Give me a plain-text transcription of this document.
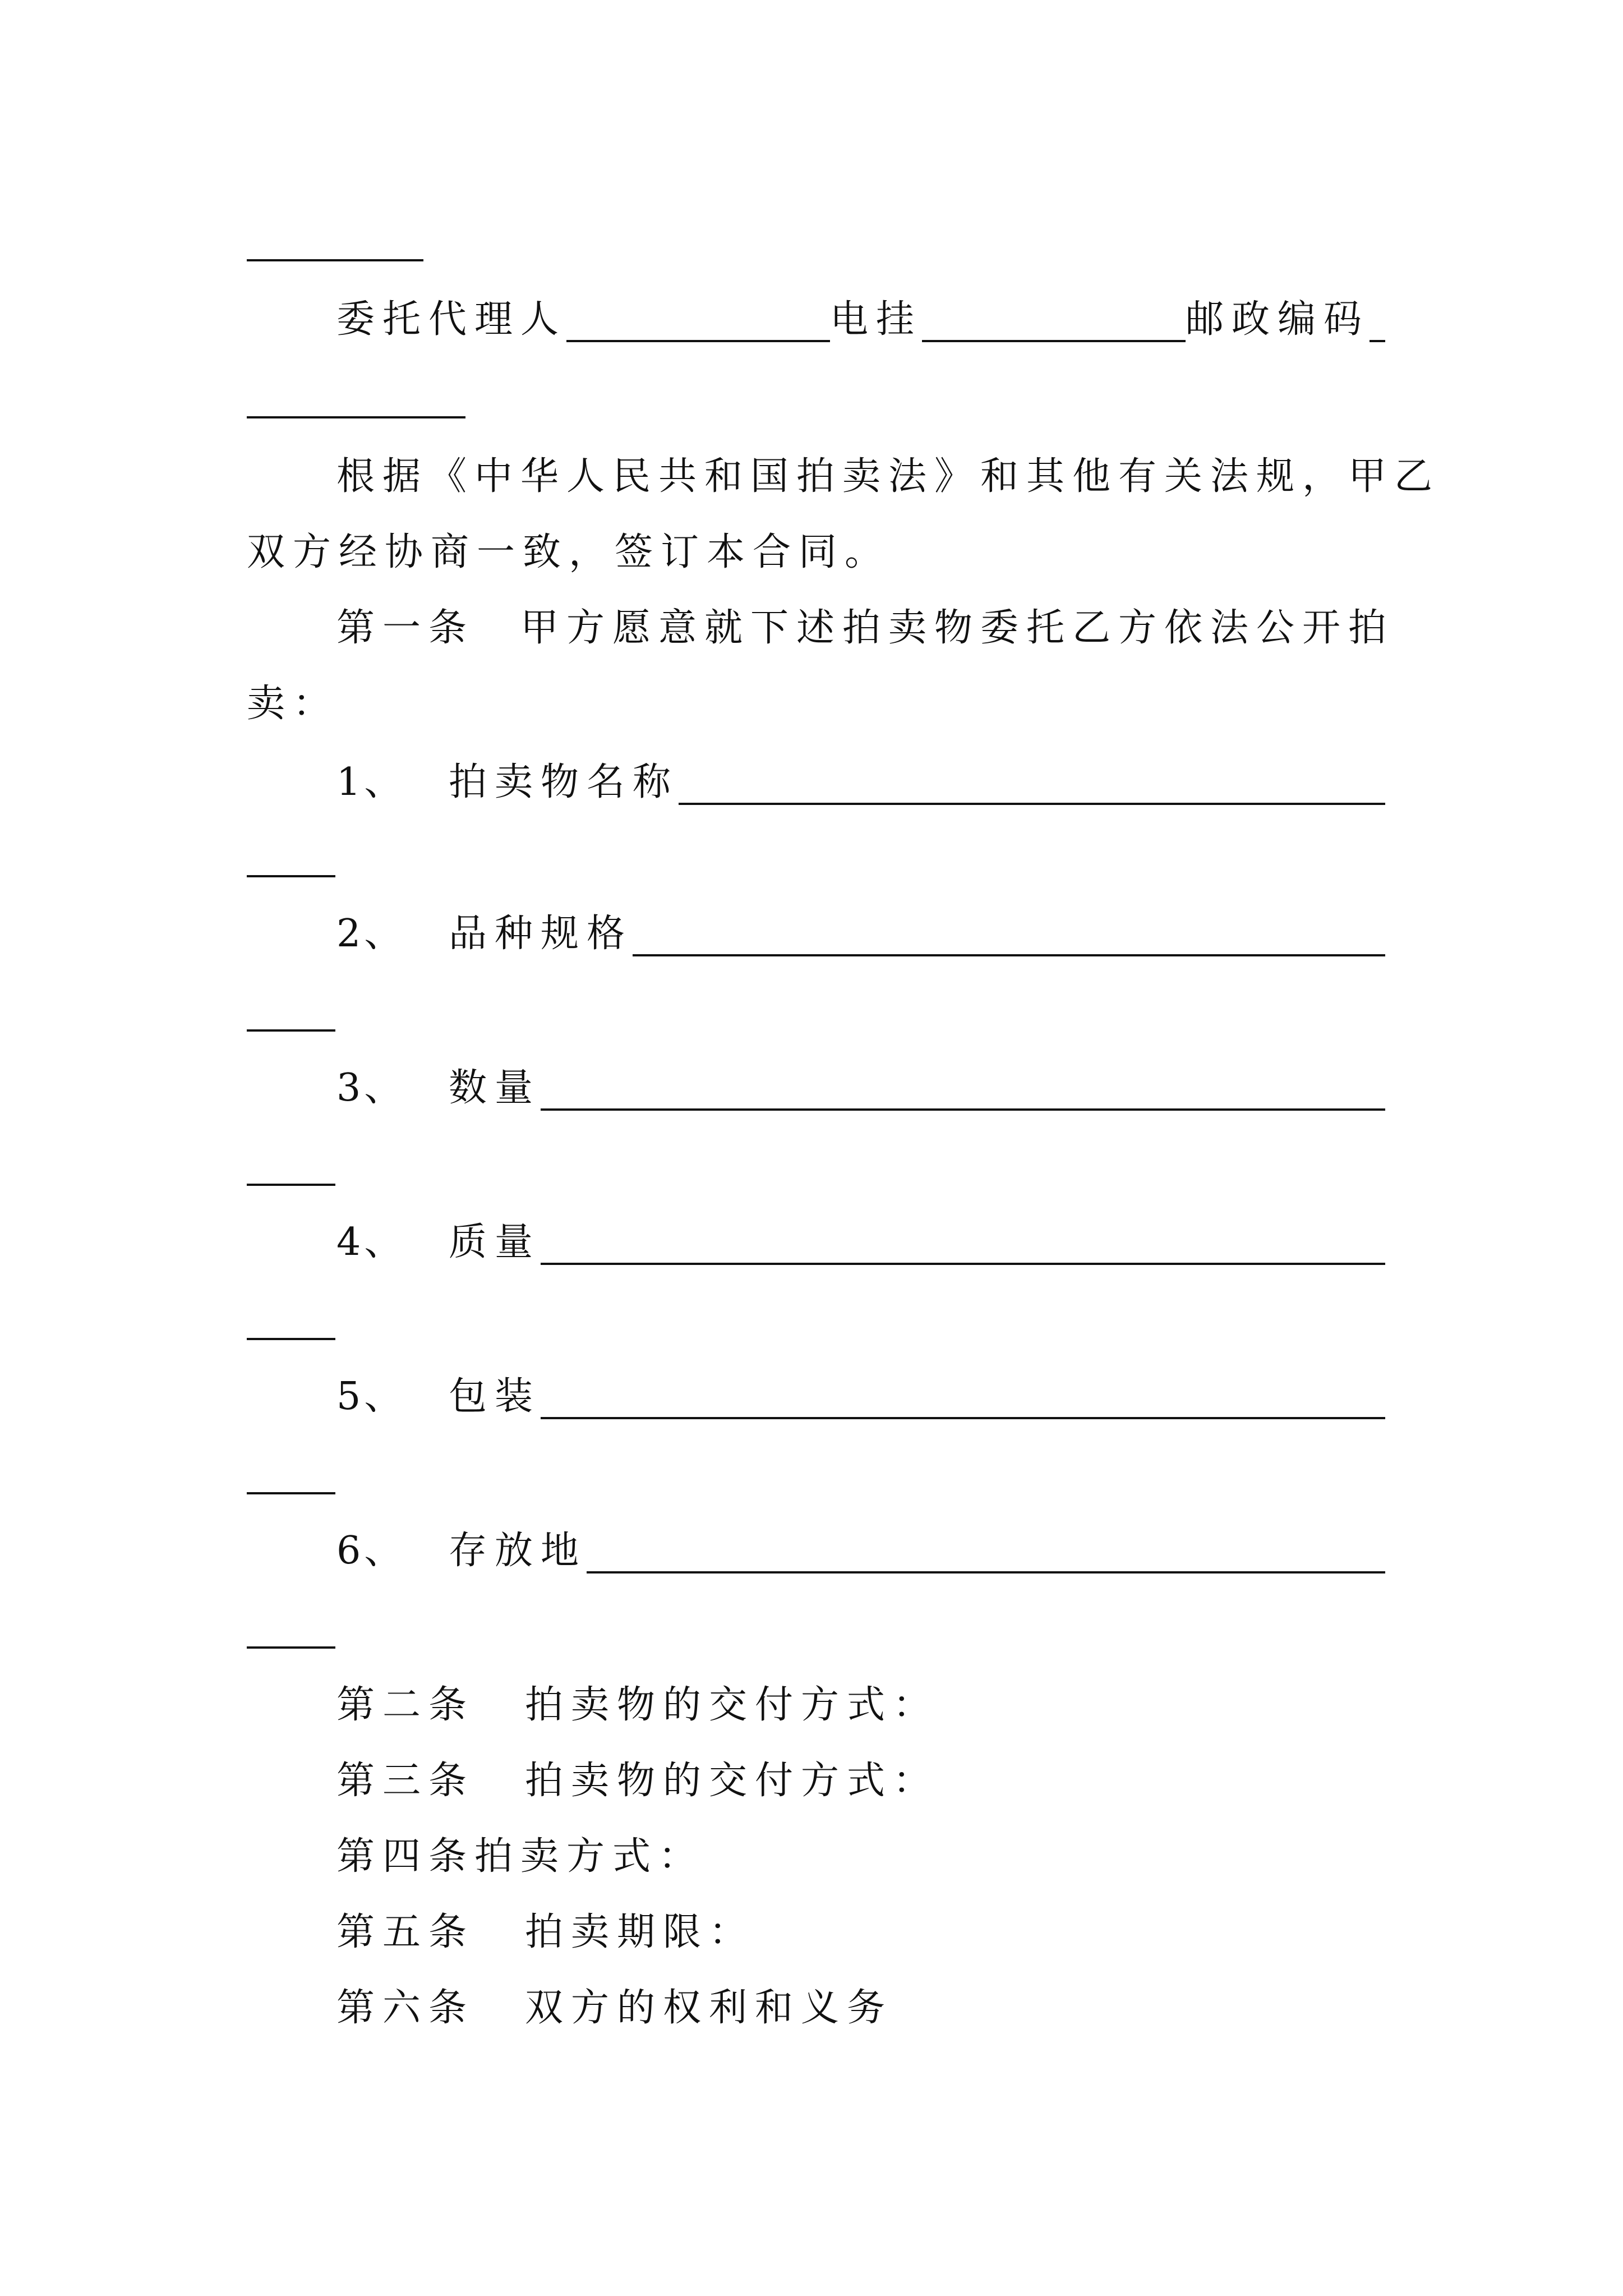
委托代理人	电挂	邮政编码
根据《中华人民共和国拍卖法》和其他有关法规，甲乙
双方经协商一致，签订本合同。
第一条　甲方愿意就下述拍卖物委托乙方依法公开拍
卖：
1、	拍卖物名称
2、	品种规格
3、	数量
4、	质量
5、	包装
6、	存放地
第二条 拍卖物的交付方式：
第三条 拍卖物的交付方式：
第四条拍卖方式：
第五条 拍卖期限：
第六条 双方的权利和义务
